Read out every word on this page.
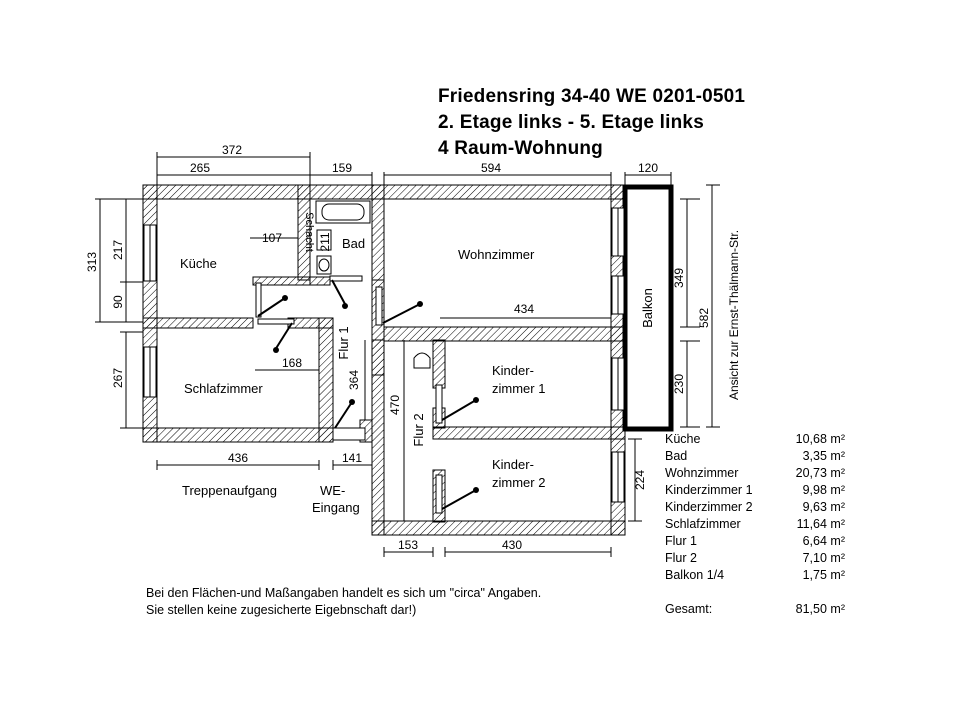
Friedensring 34-40 WE 0201-0501
2. Etage links - 5. Etage links
4 Raum-Wohnung
372
265	159	594	120
313
217
90
267
349
582
230
224
107	211
434
168
364
470
436	141
153	430
Küche
Bad
Schacht
Wohnzimmer
Kinder-
zimmer 1
Kinder-
zimmer 2
Schlafzimmer
Flur 1
Flur 2
Balkon	Ansicht zur Ernst-Thälmann-Str.
Treppenaufgang	WE-
Eingang
Küche	10,68 m²
Bad	3,35 m²
Wohnzimmer	20,73 m²
Kinderzimmer 1	9,98 m²
Kinderzimmer 2	9,63 m²
Schlafzimmer	11,64 m²
Flur 1	6,64 m²
Flur 2	7,10 m²
Balkon 1/4	1,75 m²
Gesamt:	81,50 m²
Bei den Flächen-und Maßangaben handelt es sich um "circa" Angaben.
Sie stellen keine zugesicherte Eigebnschaft dar!)
